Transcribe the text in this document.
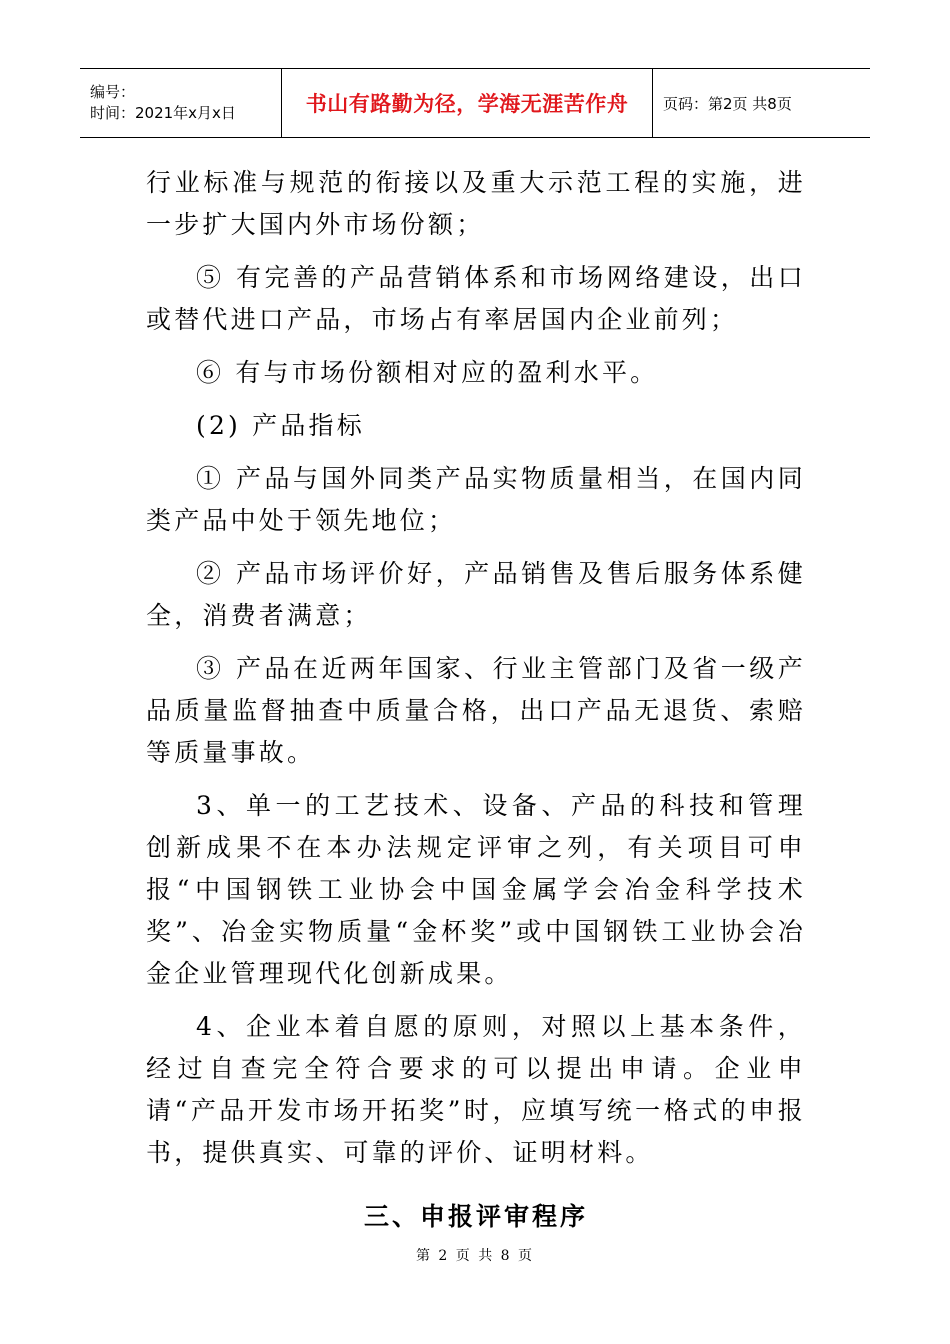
编号：
时间：2021年x月x日	书山有路勤为径，学海无涯苦作舟 页码：第2页 共8页

行业标准与规范的衔接以及重大示范工程的实施，进一步扩大国内外市场份额；

⑤ 有完善的产品营销体系和市场网络建设，出口或替代进口产品，市场占有率居国内企业前列；

⑥ 有与市场份额相对应的盈利水平。

(2) 产品指标

① 产品与国外同类产品实物质量相当，在国内同类产品中处于领先地位；

② 产品市场评价好，产品销售及售后服务体系健全，消费者满意；

③ 产品在近两年国家、行业主管部门及省一级产品质量监督抽查中质量合格，出口产品无退货、索赔等质量事故。

3、单一的工艺技术、设备、产品的科技和管理创新成果不在本办法规定评审之列，有关项目可申报“中国钢铁工业协会中国金属学会冶金科学技术奖”、冶金实物质量“金杯奖”或中国钢铁工业协会冶金企业管理现代化创新成果。

4、企业本着自愿的原则，对照以上基本条件，经过自查完全符合要求的可以提出申请。企业申请“产品开发市场开拓奖”时，应填写统一格式的申报书，提供真实、可靠的评价、证明材料。

三、申报评审程序
第 2 页 共 8 页
